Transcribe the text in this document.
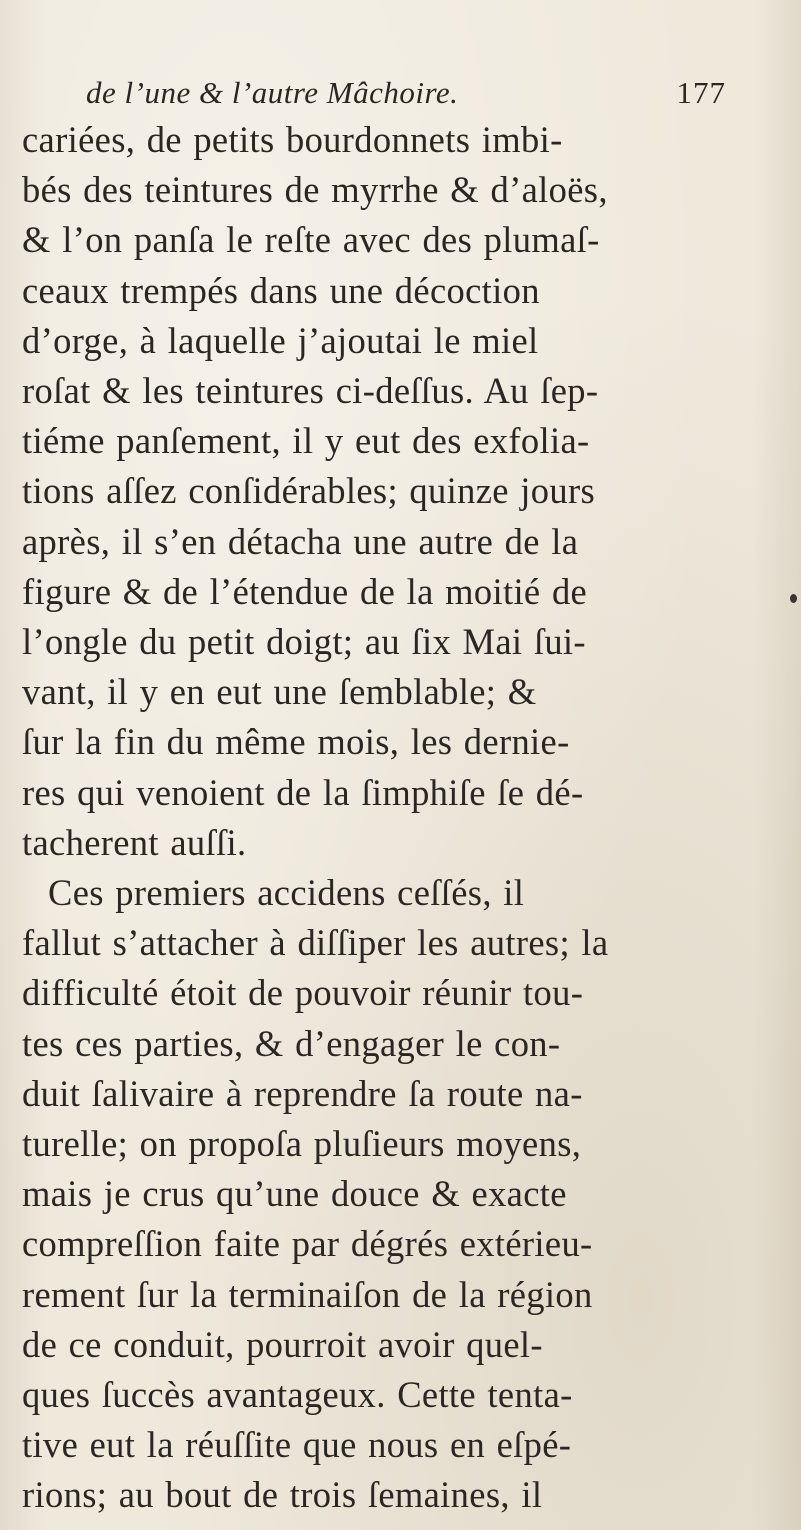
de l’une & l’autre Mâchoire.	177
cariées, de petits bourdonnets imbi-
bés des teintures de myrrhe & d’aloës,
& l’on panſa le reſte avec des plumaſ-
ceaux trempés dans une décoction
d’orge, à laquelle j’ajoutai le miel
roſat & les teintures ci-deſſus. Au ſep-
tiéme panſement, il y eut des exfolia-
tions aſſez conſidérables; quinze jours
après, il s’en détacha une autre de la
figure & de l’étendue de la moitié de
l’ongle du petit doigt; au ſix Mai ſui-
vant, il y en eut une ſemblable; &
ſur la fin du même mois, les dernie-
res qui venoient de la ſimphiſe ſe dé-
tacherent auſſi.
Ces premiers accidens ceſſés, il
fallut s’attacher à diſſiper les autres; la
difficulté étoit de pouvoir réunir tou-
tes ces parties, & d’engager le con-
duit ſalivaire à reprendre ſa route na-
turelle; on propoſa pluſieurs moyens,
mais je crus qu’une douce & exacte
compreſſion faite par dégrés extérieu-
rement ſur la terminaiſon de la région
de ce conduit, pourroit avoir quel-
ques ſuccès avantageux. Cette tenta-
tive eut la réuſſite que nous en eſpé-
rions; au bout de trois ſemaines, il
